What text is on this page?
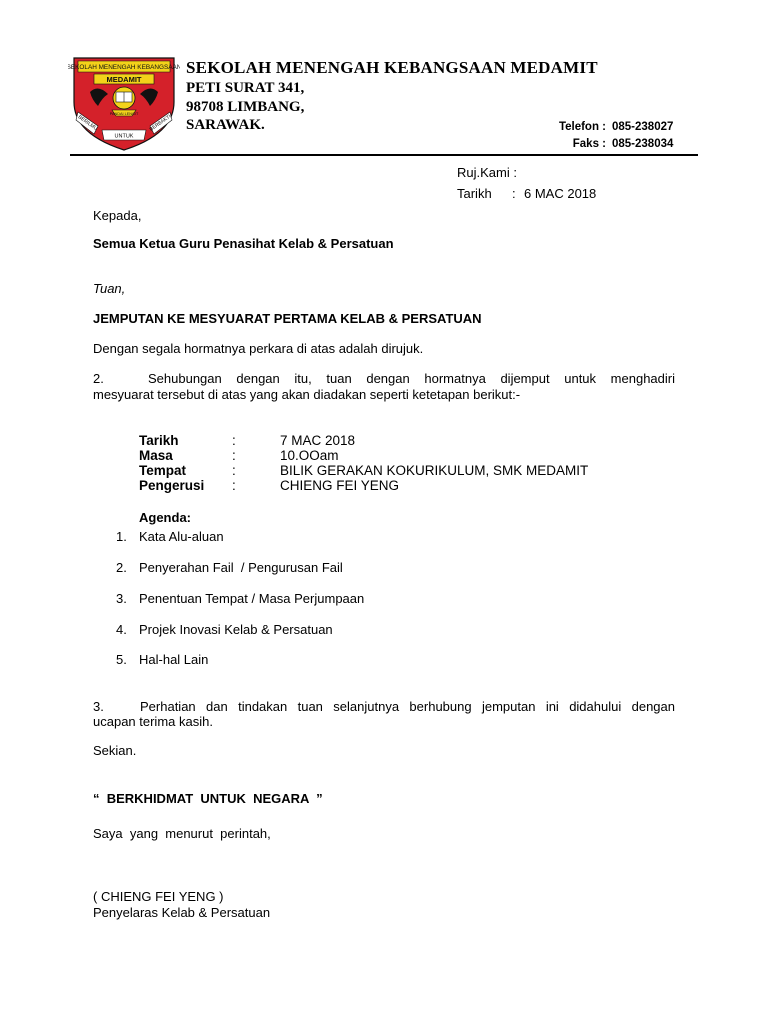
SEKOLAH MENENGAH KEBANGSAAN
MEDAMIT
PANDAI LENGIT
BERILMU
UNTUK
BERBAKTI
SEKOLAH MENENGAH KEBANGSAAN MEDAMIT
PETI SURAT 341,
98708 LIMBANG,
SARAWAK.	Telefon : 085-238027
Faks : 085-238034
Ruj.Kami :
Tarikh : 6 MAC 2018
Kepada,
Semua Ketua Guru Penasihat Kelab & Persatuan
Tuan,
JEMPUTAN KE MESYUARAT PERTAMA KELAB & PERSATUAN
Dengan segala hormatnya perkara di atas adalah dirujuk.
2.	Sehubungan dengan itu, tuan dengan hormatnya dijemput untuk menghadiri
mesyuarat tersebut di atas yang akan diadakan seperti ketetapan berikut:-
Tarikh	:	7 MAC 2018
Masa	:	10.OOam
Tempat	:	BILIK GERAKAN KOKURIKULUM, SMK MEDAMIT
Pengerusi :	CHIENG FEI YENG
Agenda:
1. Kata Alu-aluan
2. Penyerahan Fail  / Pengurusan Fail
3. Penentuan Tempat / Masa Perjumpaan
4. Projek Inovasi Kelab & Persatuan
5. Hal-hal Lain
3.	Perhatian dan tindakan tuan selanjutnya berhubung jemputan ini didahului dengan
ucapan terima kasih.
Sekian.
“  BERKHIDMAT  UNTUK  NEGARA  ”
Saya  yang  menurut  perintah,
( CHIENG FEI YENG )
Penyelaras Kelab & Persatuan
